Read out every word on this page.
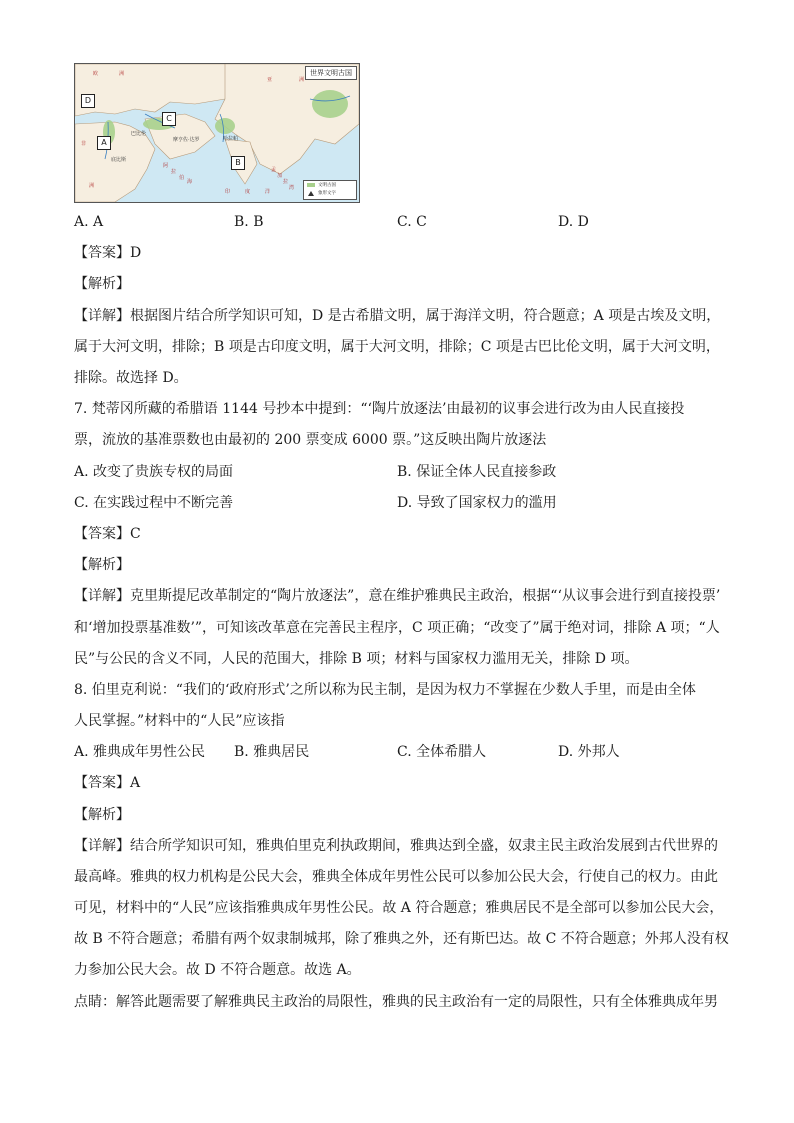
世界文明古国
D
A
C
B
欧	洲
非
洲
亚	洲
印	度	洋
巴比伦
摩亨佐·达罗	哈拉帕
阿
拉
伯
海
孟
加
拉
湾
底 比 斯
文明古国
象形文字
A. A	B. B	C. C	D. D
【答案】D
【解析】
【详解】根据图片结合所学知识可知，D 是古希腊文明，属于海洋文明，符合题意；A 项是古埃及文明，
属于大河文明，排除；B 项是古印度文明，属于大河文明，排除；C 项是古巴比伦文明，属于大河文明，
排除。故选择 D。
7. 梵蒂冈所藏的希腊语 1144 号抄本中提到：“‘陶片放逐法’由最初的议事会进行改为由人民直接投
票，流放的基准票数也由最初的 200 票变成 6000 票。”这反映出陶片放逐法
A. 改变了贵族专权的局面	B. 保证全体人民直接参政
C. 在实践过程中不断完善	D. 导致了国家权力的滥用
【答案】C
【解析】
【详解】克里斯提尼改革制定的“陶片放逐法”，意在维护雅典民主政治，根据“‘从议事会进行到直接投票’
和‘增加投票基准数’”，可知该改革意在完善民主程序，C 项正确；“改变了”属于绝对词，排除 A 项；“人
民”与公民的含义不同，人民的范围大，排除 B 项；材料与国家权力滥用无关，排除 D 项。
8. 伯里克利说：“我们的‘政府形式’之所以称为民主制，是因为权力不掌握在少数人手里，而是由全体
人民掌握。”材料中的“人民”应该指
A. 雅典成年男性公民 B. 雅典居民	C. 全体希腊人	D. 外邦人
【答案】A
【解析】
【详解】结合所学知识可知，雅典伯里克利执政期间，雅典达到全盛，奴隶主民主政治发展到古代世界的
最高峰。雅典的权力机构是公民大会，雅典全体成年男性公民可以参加公民大会，行使自己的权力。由此
可见，材料中的“人民”应该指雅典成年男性公民。故 A 符合题意；雅典居民不是全部可以参加公民大会，
故 B 不符合题意；希腊有两个奴隶制城邦，除了雅典之外，还有斯巴达。故 C 不符合题意；外邦人没有权
力参加公民大会。故 D 不符合题意。故选 A。
点睛：解答此题需要了解雅典民主政治的局限性，雅典的民主政治有一定的局限性，只有全体雅典成年男
